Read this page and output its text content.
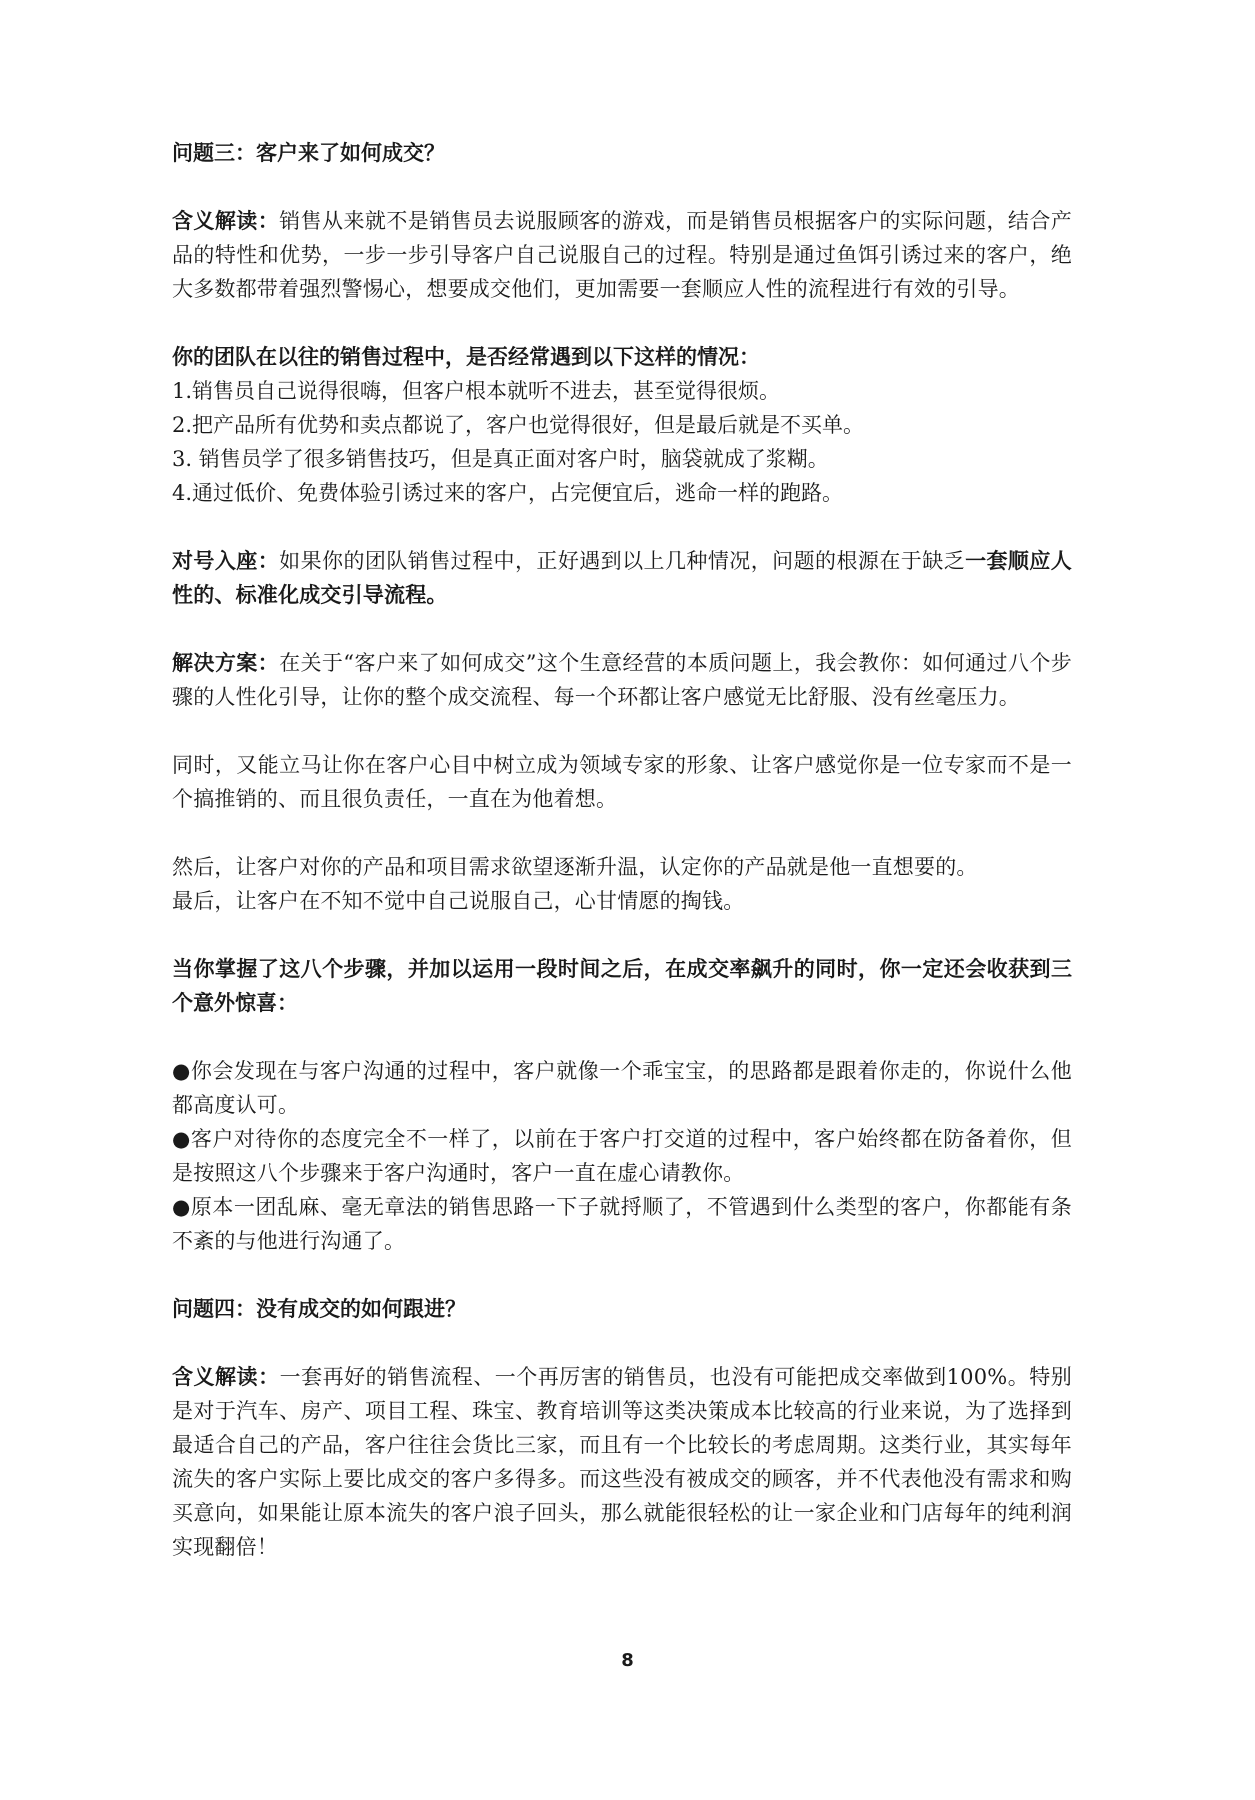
问题三：客户来了如何成交？

含义解读：销售从来就不是销售员去说服顾客的游戏，而是销售员根据客户的实际问题，结合产品的特性和优势，一步一步引导客户自己说服自己的过程。特别是通过鱼饵引诱过来的客户，绝大多数都带着强烈警惕心，想要成交他们，更加需要一套顺应人性的流程进行有效的引导。

你的团队在以往的销售过程中，是否经常遇到以下这样的情况：

1.销售员自己说得很嗨，但客户根本就听不进去，甚至觉得很烦。

2.把产品所有优势和卖点都说了，客户也觉得很好，但是最后就是不买单。

3. 销售员学了很多销售技巧，但是真正面对客户时，脑袋就成了浆糊。

4.通过低价、免费体验引诱过来的客户，占完便宜后，逃命一样的跑路。

对号入座：如果你的团队销售过程中，正好遇到以上几种情况，问题的根源在于缺乏一套顺应人性的、标准化成交引导流程。

解决方案：在关于“客户来了如何成交”这个生意经营的本质问题上，我会教你：如何通过八个步骤的人性化引导，让你的整个成交流程、每一个环都让客户感觉无比舒服、没有丝毫压力。

同时，又能立马让你在客户心目中树立成为领域专家的形象、让客户感觉你是一位专家而不是一个搞推销的、而且很负责任，一直在为他着想。

然后，让客户对你的产品和项目需求欲望逐渐升温，认定你的产品就是他一直想要的。

最后，让客户在不知不觉中自己说服自己，心甘情愿的掏钱。

当你掌握了这八个步骤，并加以运用一段时间之后，在成交率飙升的同时，你一定还会收获到三个意外惊喜：

●你会发现在与客户沟通的过程中，客户就像一个乖宝宝，的思路都是跟着你走的，你说什么他都高度认可。

●客户对待你的态度完全不一样了，以前在于客户打交道的过程中，客户始终都在防备着你，但是按照这八个步骤来于客户沟通时，客户一直在虚心请教你。

●原本一团乱麻、毫无章法的销售思路一下子就捋顺了，不管遇到什么类型的客户，你都能有条不紊的与他进行沟通了。

问题四：没有成交的如何跟进？

含义解读：一套再好的销售流程、一个再厉害的销售员，也没有可能把成交率做到100%。特别是对于汽车、房产、项目工程、珠宝、教育培训等这类决策成本比较高的行业来说，为了选择到最适合自己的产品，客户往往会货比三家，而且有一个比较长的考虑周期。这类行业，其实每年流失的客户实际上要比成交的客户多得多。而这些没有被成交的顾客，并不代表他没有需求和购买意向，如果能让原本流失的客户浪子回头，那么就能很轻松的让一家企业和门店每年的纯利润实现翻倍！

8
